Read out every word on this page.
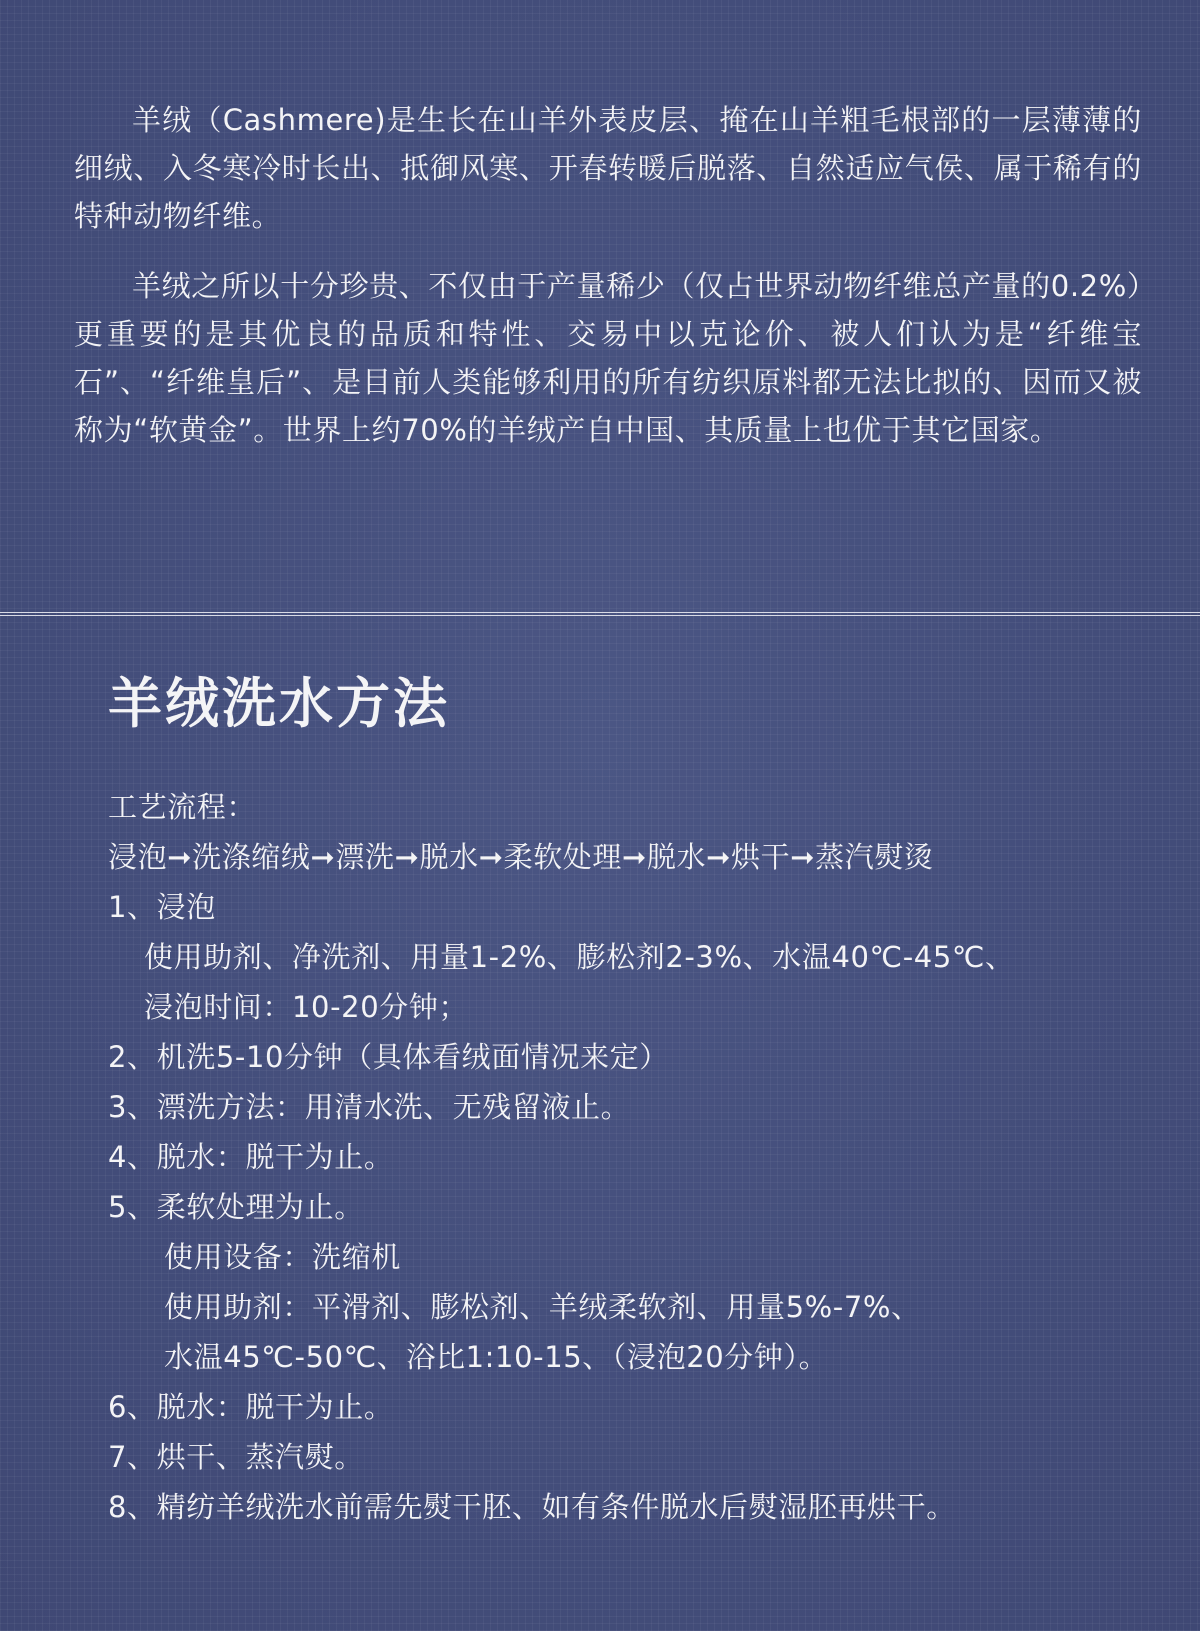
羊绒（Cashmere)是生长在山羊外表皮层、掩在山羊粗毛根部的一层薄薄的细绒、入冬寒冷时长出、抵御风寒、开春转暖后脱落、自然适应气侯、属于稀有的特种动物纤维。

羊绒之所以十分珍贵、不仅由于产量稀少（仅占世界动物纤维总产量的0.2%）更重要的是其优良的品质和特性、交易中以克论价、被人们认为是“纤维宝石”、“纤维皇后”、是目前人类能够利用的所有纺织原料都无法比拟的、因而又被称为“软黄金”。世界上约70%的羊绒产自中国、其质量上也优于其它国家。

羊绒洗水方法
工艺流程：
浸泡➞洗涤缩绒➞漂洗➞脱水➞柔软处理➞脱水➞烘干➞蒸汽熨烫
1、浸泡
使用助剂、净洗剂、用量1-2%、膨松剂2-3%、水温40℃-45℃、
浸泡时间：10-20分钟；
2、机洗5-10分钟（具体看绒面情况来定）
3、漂洗方法：用清水洗、无残留液止。
4、脱水：脱干为止。
5、柔软处理为止。
使用设备：洗缩机
使用助剂：平滑剂、膨松剂、羊绒柔软剂、用量5%-7%、
水温45℃-50℃、浴比1:10-15、（浸泡20分钟）。
6、脱水：脱干为止。
7、烘干、蒸汽熨。
8、精纺羊绒洗水前需先熨干胚、如有条件脱水后熨湿胚再烘干。
